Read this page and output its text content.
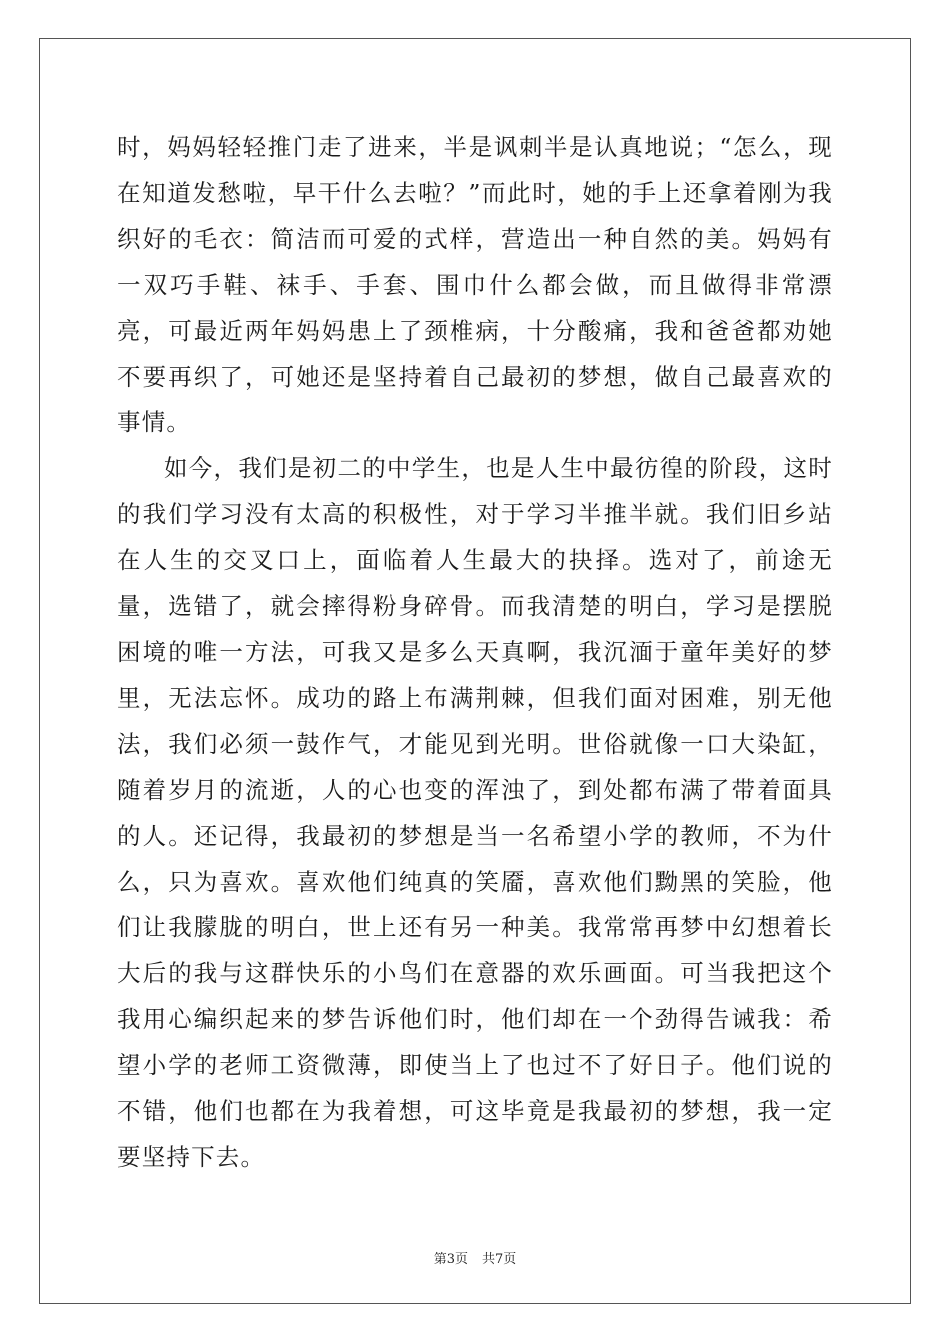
时，妈妈轻轻推门走了进来，半是讽刺半是认真地说；“怎么，现在知道发愁啦，早干什么去啦？”而此时，她的手上还拿着刚为我织好的毛衣：简洁而可爱的式样，营造出一种自然的美。妈妈有一双巧手鞋、袜手、手套、围巾什么都会做，而且做得非常漂亮，可最近两年妈妈患上了颈椎病，十分酸痛，我和爸爸都劝她不要再织了，可她还是坚持着自己最初的梦想，做自己最喜欢的事情。

如今，我们是初二的中学生，也是人生中最彷徨的阶段，这时的我们学习没有太高的积极性，对于学习半推半就。我们旧乡站在人生的交叉口上，面临着人生最大的抉择。选对了，前途无量，选错了，就会摔得粉身碎骨。而我清楚的明白，学习是摆脱困境的唯一方法，可我又是多么天真啊，我沉湎于童年美好的梦里，无法忘怀。成功的路上布满荆棘，但我们面对困难，别无他法，我们必须一鼓作气，才能见到光明。世俗就像一口大染缸，随着岁月的流逝，人的心也变的浑浊了，到处都布满了带着面具的人。还记得，我最初的梦想是当一名希望小学的教师，不为什么，只为喜欢。喜欢他们纯真的笑靥，喜欢他们黝黑的笑脸，他们让我朦胧的明白，世上还有另一种美。我常常再梦中幻想着长大后的我与这群快乐的小鸟们在意器的欢乐画面。可当我把这个我用心编织起来的梦告诉他们时，他们却在一个劲得告诫我：希望小学的老师工资微薄，即使当上了也过不了好日子。他们说的不错，他们也都在为我着想，可这毕竟是我最初的梦想，我一定要坚持下去。

第3页 共7页
